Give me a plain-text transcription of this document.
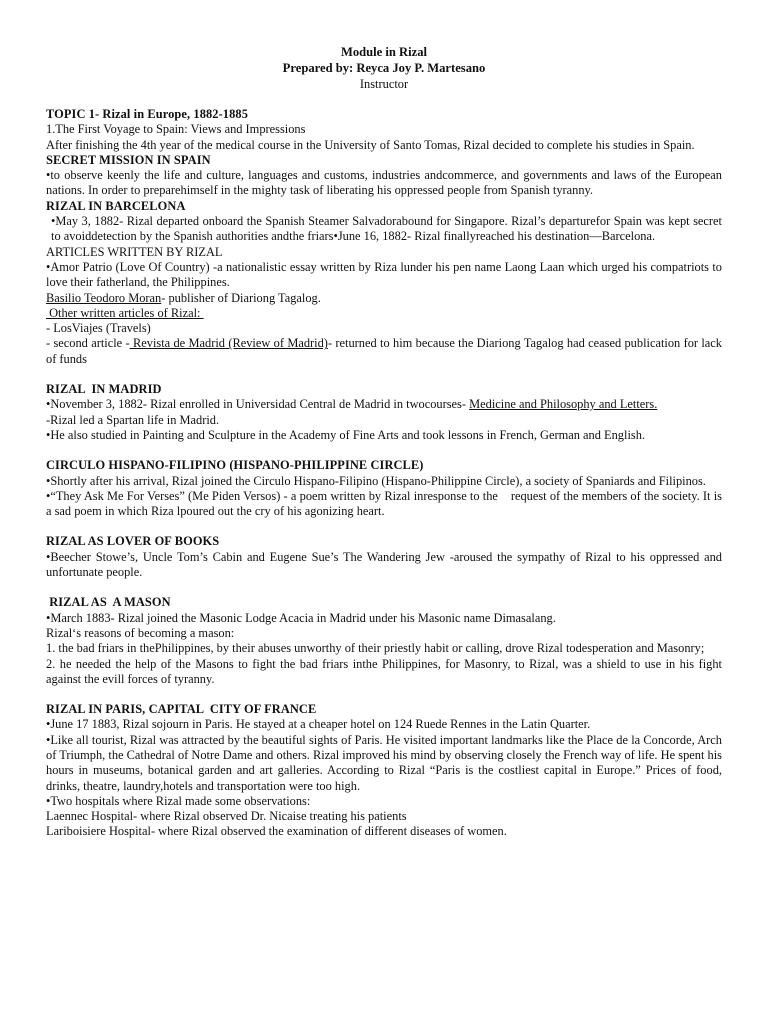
Module in Rizal
Prepared by: Reyca Joy P. Martesano
Instructor
TOPIC 1- Rizal in Europe, 1882-1885
1.The First Voyage to Spain: Views and Impressions
After finishing the 4th year of the medical course in the University of Santo Tomas, Rizal decided to complete his studies in Spain.
SECRET MISSION IN SPAIN
•to observe keenly the life and culture, languages and customs, industries andcommerce, and governments and laws of the European nations. In order to preparehimself in the mighty task of liberating his oppressed people from Spanish tyranny.
RIZAL IN BARCELONA
•May 3, 1882- Rizal departed onboard the Spanish Steamer Salvadorabound for Singapore. Rizal’s departurefor Spain was kept secret to avoiddetection by the Spanish authorities andthe friars•June 16, 1882- Rizal finallyreached his destination—Barcelona.
ARTICLES WRITTEN BY RIZAL
•Amor Patrio (Love Of Country) -a nationalistic essay written by Riza lunder his pen name Laong Laan which urged his compatriots to love their fatherland, the Philippines.
Basilio Teodoro Moran- publisher of Diariong Tagalog.
Other written articles of Rizal:
- LosViajes (Travels)
- second article - Revista de Madrid (Review of Madrid)- returned to him because the Diariong Tagalog had ceased publication for lack of funds
RIZAL  IN MADRID
•November 3, 1882- Rizal enrolled in Universidad Central de Madrid in twocourses- Medicine and Philosophy and Letters.
-Rizal led a Spartan life in Madrid.
•He also studied in Painting and Sculpture in the Academy of Fine Arts and took lessons in French, German and English.
CIRCULO HISPANO-FILIPINO (HISPANO-PHILIPPINE CIRCLE)
•Shortly after his arrival, Rizal joined the Circulo Hispano-Filipino (Hispano-Philippine Circle), a society of Spaniards and Filipinos.
•“They Ask Me For Verses” (Me Piden Versos) - a poem written by Rizal inresponse to the    request of the members of the society. It is a sad poem in which Riza lpoured out the cry of his agonizing heart.
RIZAL AS LOVER OF BOOKS
•Beecher Stowe’s, Uncle Tom’s Cabin and Eugene Sue’s The Wandering Jew -aroused the sympathy of Rizal to his oppressed and unfortunate people.
RIZAL AS  A MASON
•March 1883- Rizal joined the Masonic Lodge Acacia in Madrid under his Masonic name Dimasalang.
Rizal‘s reasons of becoming a mason:
1. the bad friars in thePhilippines, by their abuses unworthy of their priestly habit or calling, drove Rizal todesperation and Masonry;
2. he needed the help of the Masons to fight the bad friars inthe Philippines, for Masonry, to Rizal, was a shield to use in his fight against the evill forces of tyranny.
RIZAL IN PARIS, CAPITAL  CITY OF FRANCE
•June 17 1883, Rizal sojourn in Paris. He stayed at a cheaper hotel on 124 Ruede Rennes in the Latin Quarter.
•Like all tourist, Rizal was attracted by the beautiful sights of Paris. He visited important landmarks like the Place de la Concorde, Arch of Triumph, the Cathedral of Notre Dame and others. Rizal improved his mind by observing closely the French way of life. He spent his hours in museums, botanical garden and art galleries. According to Rizal “Paris is the costliest capital in Europe.” Prices of food, drinks, theatre, laundry,hotels and transportation were too high.
•Two hospitals where Rizal made some observations:
Laennec Hospital- where Rizal observed Dr. Nicaise treating his patients
Lariboisiere Hospital- where Rizal observed the examination of different diseases of women.
